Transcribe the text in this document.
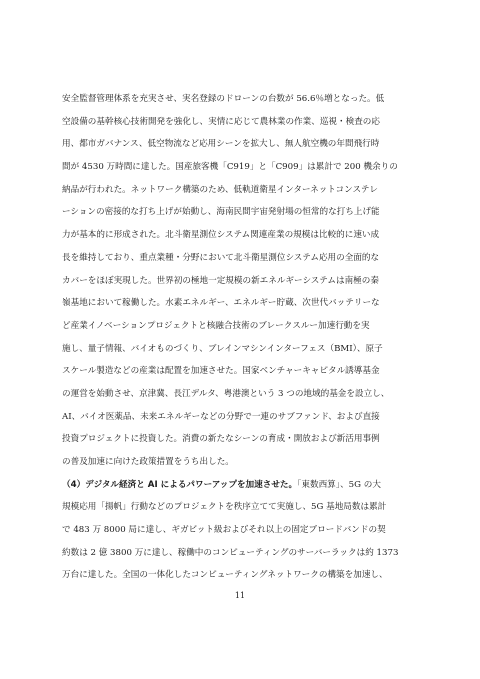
安全監督管理体系を充実させ、実名登録のドローンの台数が 56.6％増となった。低
空設備の基幹核心技術開発を強化し、実情に応じて農林業の作業、巡視・検査の応
用、都市ガバナンス、低空物流など応用シーンを拡大し、無人航空機の年間飛行時
間が 4530 万時間に達した。国産旅客機「C919」と「C909」は累計で 200 機余りの
納品が行われた。ネットワーク構築のため、低軌道衛星インターネットコンステレ
ーションの密接的な打ち上げが始動し、海南民間宇宙発射場の恒常的な打ち上げ能
力が基本的に形成された。北斗衛星測位システム関連産業の規模は比較的に速い成
長を維持しており、重点業種・分野において北斗衛星測位システム応用の全面的な
カバーをほぼ実現した。世界初の極地一定規模の新エネルギーシステムは南極の秦
嶺基地において稼働した。水素エネルギー、エネルギー貯蔵、次世代バッテリーな
ど産業イノベーションプロジェクトと核融合技術のブレークスルー加速行動を実
施し、量子情報、バイオものづくり、ブレインマシンインターフェス（BMI）、原子
スケール製造などの産業は配置を加速させた。国家ベンチャーキャピタル誘導基金
の運営を始動させ、京津冀、長江デルタ、粤港澳という 3 つの地域的基金を設立し、
AI、バイオ医薬品、未来エネルギーなどの分野で一連のサブファンド、および直接
投資プロジェクトに投資した。消費の新たなシーンの育成・開放および新活用事例
の普及加速に向けた政策措置をうち出した。
（4）デジタル経済と AI によるパワーアップを加速させた。「東数西算」、5G の大
規模応用「揚帆」行動などのプロジェクトを秩序立てて実施し、5G 基地局数は累計
で 483 万 8000 局に達し、ギガビット級およびそれ以上の固定ブロードバンドの契
約数は 2 億 3800 万に達し、稼働中のコンピューティングのサーバーラックは約 1373
万台に達した。全国の一体化したコンピューティングネットワークの構築を加速し、
11
